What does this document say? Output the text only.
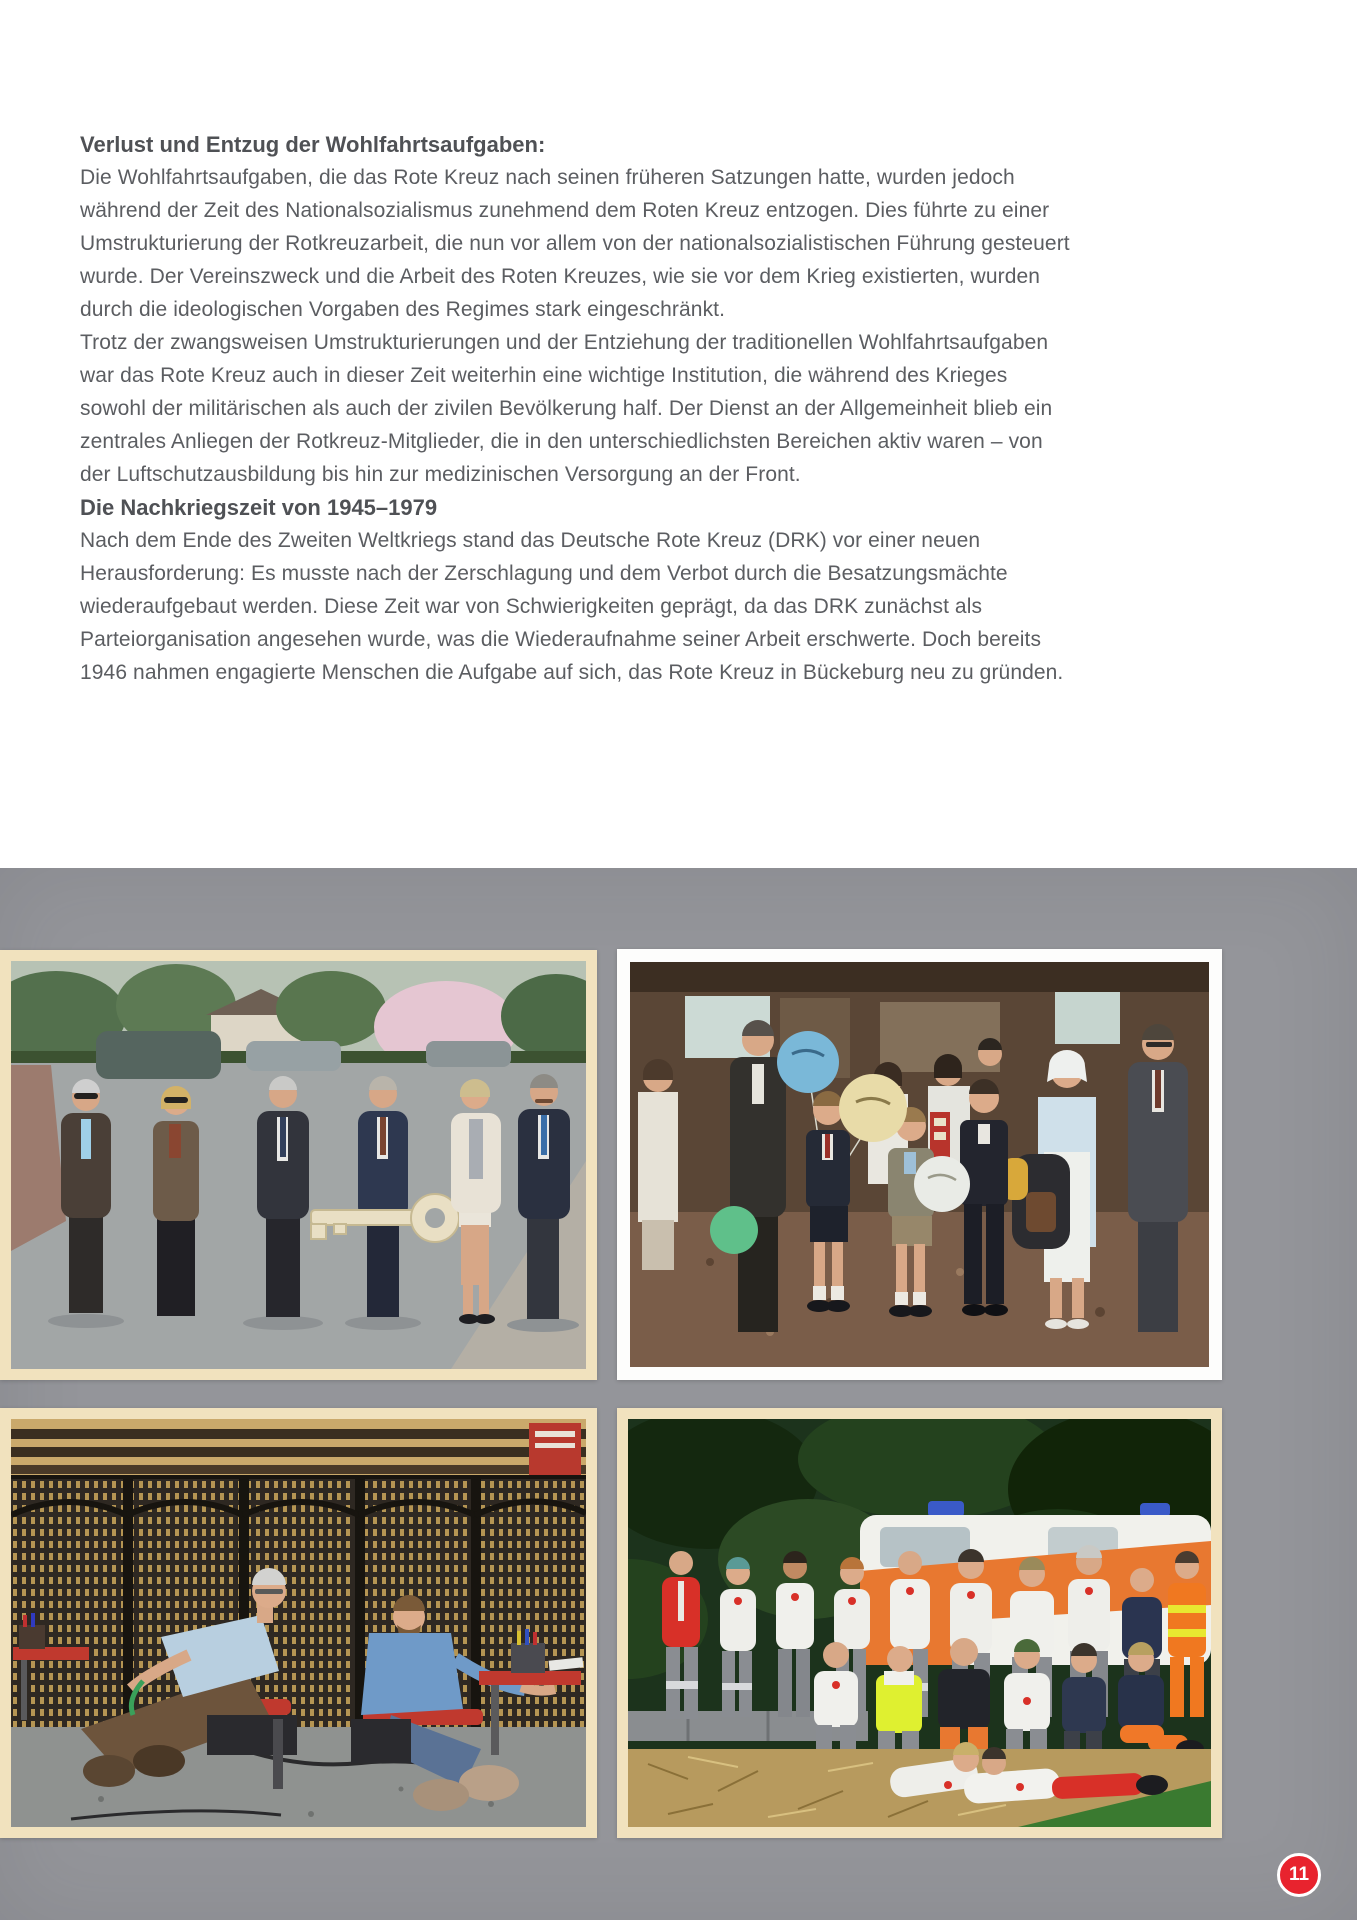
Verlust und Entzug der Wohlfahrtsaufgaben:

Die Wohlfahrtsaufgaben, die das Rote Kreuz nach seinen früheren Satzungen hatte, wurden jedoch
während der Zeit des Nationalsozialismus zunehmend dem Roten Kreuz entzogen. Dies führte zu einer
Umstrukturierung der Rotkreuzarbeit, die nun vor allem von der nationalsozialistischen Führung gesteuert
wurde. Der Vereinszweck und die Arbeit des Roten Kreuzes, wie sie vor dem Krieg existierten, wurden
durch die ideologischen Vorgaben des Regimes stark eingeschränkt.
Trotz der zwangsweisen Umstrukturierungen und der Entziehung der traditionellen Wohlfahrtsaufgaben
war das Rote Kreuz auch in dieser Zeit weiterhin eine wichtige Institution, die während des Krieges
sowohl der militärischen als auch der zivilen Bevölkerung half. Der Dienst an der Allgemeinheit blieb ein
zentrales Anliegen der Rotkreuz-Mitglieder, die in den unterschiedlichsten Bereichen aktiv waren – von
der Luftschutzausbildung bis hin zur medizinischen Versorgung an der Front.

Die Nachkriegszeit von 1945–1979

Nach dem Ende des Zweiten Weltkriegs stand das Deutsche Rote Kreuz (DRK) vor einer neuen
Herausforderung: Es musste nach der Zerschlagung und dem Verbot durch die Besatzungsmächte
wiederaufgebaut werden. Diese Zeit war von Schwierigkeiten geprägt, da das DRK zunächst als
Parteiorganisation angesehen wurde, was die Wiederaufnahme seiner Arbeit erschwerte. Doch bereits
1946 nahmen engagierte Menschen die Aufgabe auf sich, das Rote Kreuz in Bückeburg neu zu gründen.

11
